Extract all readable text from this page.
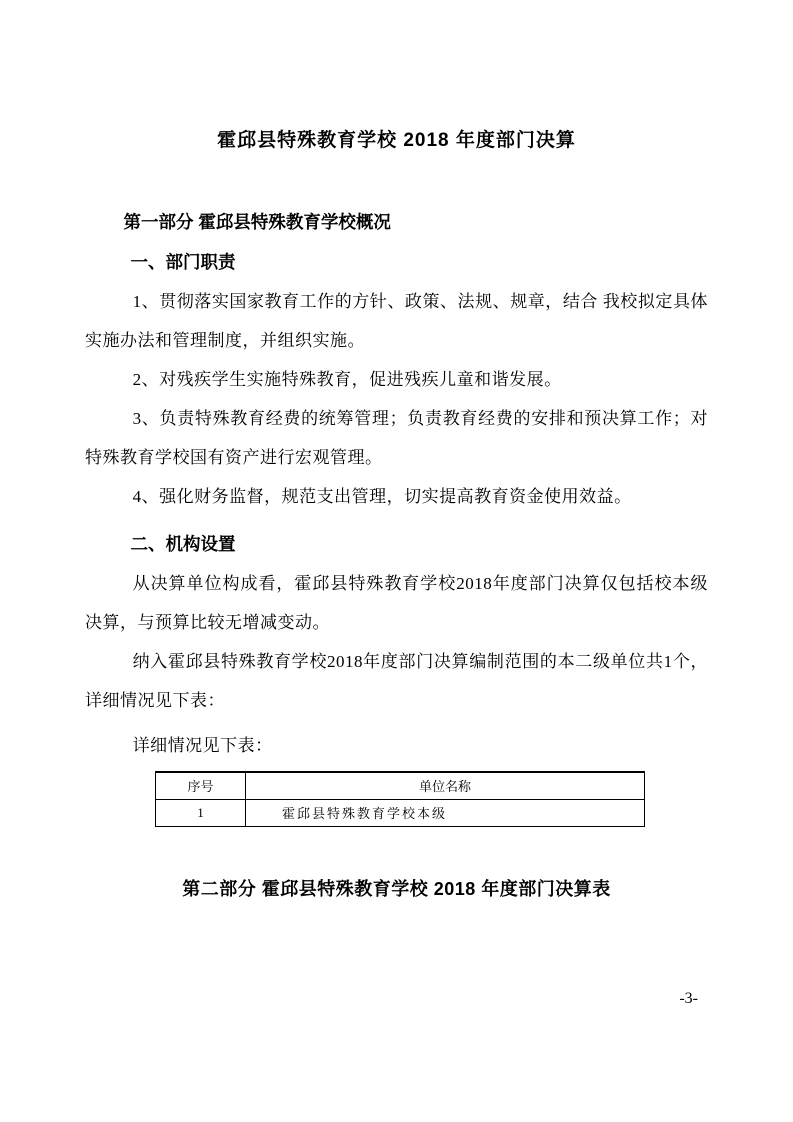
霍邱县特殊教育学校 2018 年度部门决算
第一部分 霍邱县特殊教育学校概况
一、部门职责

1、贯彻落实国家教育工作的方针、政策、法规、规章，结合 我校拟定具体实施办法和管理制度，并组织实施。

2、对残疾学生实施特殊教育，促进残疾儿童和谐发展。

3、负责特殊教育经费的统筹管理；负责教育经费的安排和预决算工作；对特殊教育学校国有资产进行宏观管理。

4、强化财务监督，规范支出管理，切实提高教育资金使用效益。

二、机构设置

从决算单位构成看，霍邱县特殊教育学校2018年度部门决算仅包括校本级决算，与预算比较无增减变动。

纳入霍邱县特殊教育学校2018年度部门决算编制范围的本二级单位共1个，详细情况见下表：

详细情况见下表：

序号	单位名称
1	霍邱县特殊教育学校本级
第二部分 霍邱县特殊教育学校 2018 年度部门决算表
-3-
